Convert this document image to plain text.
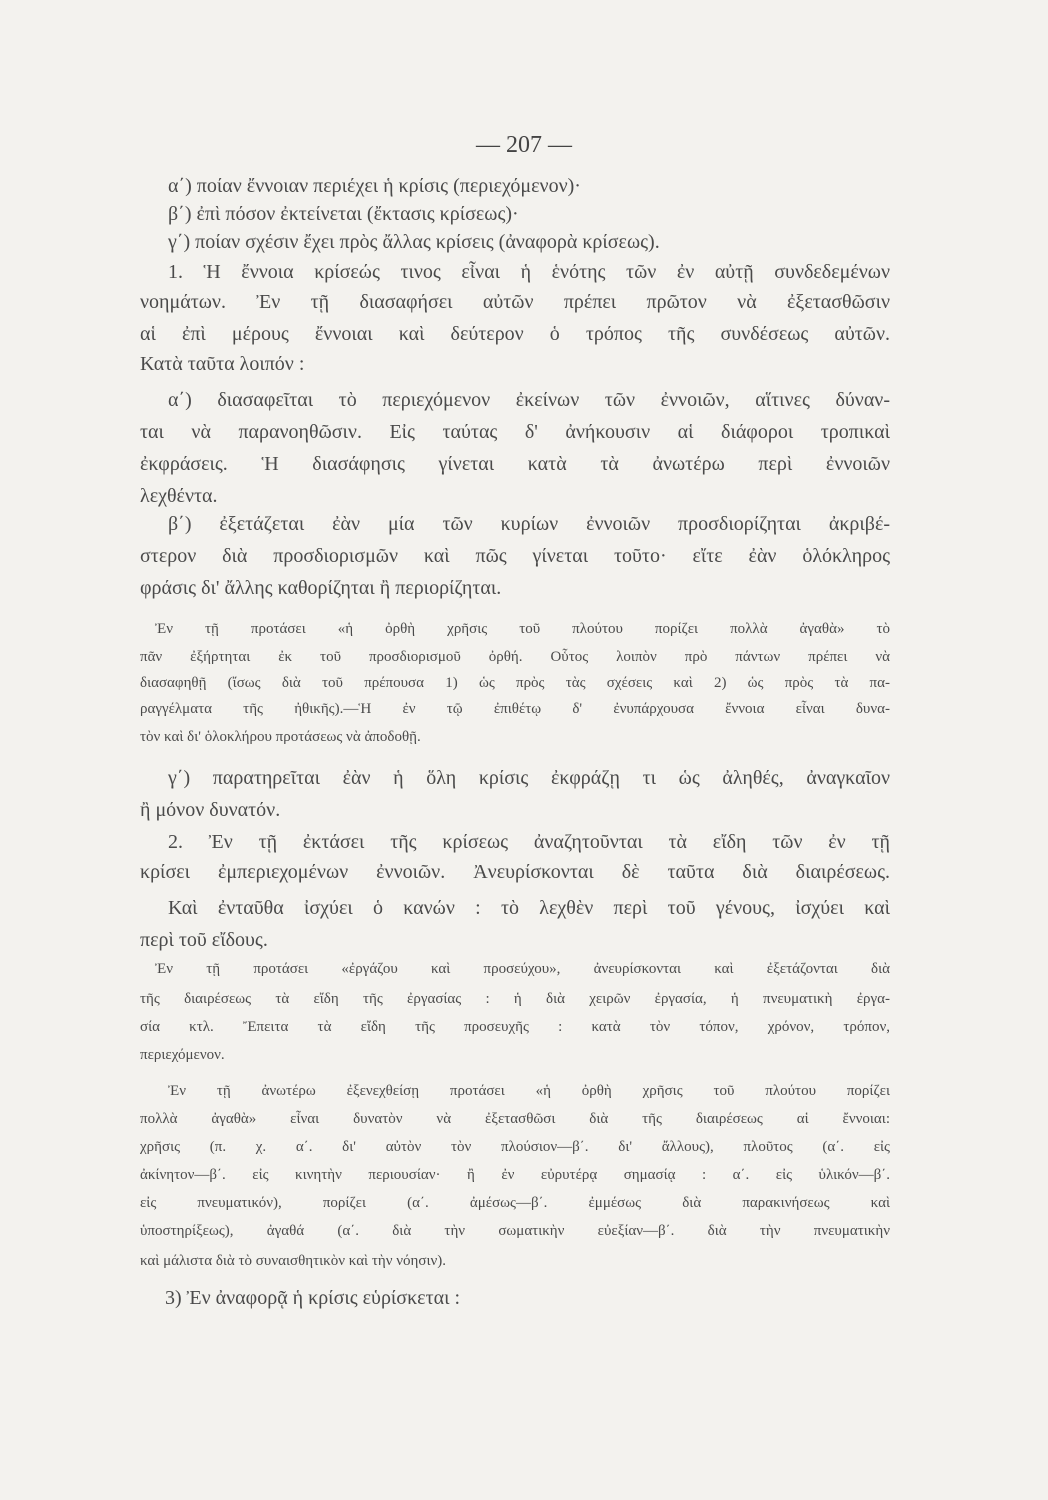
— 207 —
α΄) ποίαν ἔννοιαν περιέχει ἡ κρίσις (περιεχόμενον)·
β΄) ἐπὶ πόσον ἐκτείνεται (ἔκτασις κρίσεως)·
γ΄) ποίαν σχέσιν ἔχει πρὸς ἄλλας κρίσεις (ἀναφορὰ κρίσεως).
1. Ἡ ἔννοια κρίσεώς τινος εἶναι ἡ ἑνότης τῶν ἐν αὐτῇ συνδεδεμένων
νοημάτων. Ἐν τῇ διασαφήσει αὐτῶν πρέπει πρῶτον νὰ ἐξετασθῶσιν
αἱ ἐπὶ μέρους ἔννοιαι καὶ δεύτερον ὁ τρόπος τῆς συνδέσεως αὐτῶν.
Κατὰ ταῦτα λοιπόν :
α΄) διασαφεῖται τὸ περιεχόμενον ἐκείνων τῶν ἐννοιῶν, αἵτινες δύναν-
ται νὰ παρανοηθῶσιν. Εἰς ταύτας δ' ἀνήκουσιν αἱ διάφοροι τροπικαὶ
ἐκφράσεις. Ἡ διασάφησις γίνεται κατὰ τὰ ἀνωτέρω περὶ ἐννοιῶν
λεχθέντα.
β΄) ἐξετάζεται ἐὰν μία τῶν κυρίων ἐννοιῶν προσδιορίζηται ἀκριβέ-
στερον διὰ προσδιορισμῶν καὶ πῶς γίνεται τοῦτο· εἴτε ἐὰν ὁλόκληρος
φράσις δι' ἄλλης καθορίζηται ἢ περιορίζηται.
Ἐν τῇ προτάσει «ἡ ὀρθὴ χρῆσις τοῦ πλούτου πορίζει πολλὰ ἀγαθὰ» τὸ
πᾶν ἐξήρτηται ἐκ τοῦ προσδιορισμοῦ ὀρθή. Οὗτος λοιπὸν πρὸ πάντων πρέπει νὰ
διασαφηθῇ (ἴσως διὰ τοῦ πρέπουσα 1) ὡς πρὸς τὰς σχέσεις καὶ 2) ὡς πρὸς τὰ πα-
ραγγέλματα τῆς ἠθικῆς).—Ἡ ἐν τῷ ἐπιθέτῳ δ' ἐνυπάρχουσα ἔννοια εἶναι δυνα-
τὸν καὶ δι' ὁλοκλήρου προτάσεως νὰ ἀποδοθῇ.
γ΄) παρατηρεῖται ἐὰν ἡ ὅλη κρίσις ἐκφράζῃ τι ὡς ἀληθές, ἀναγκαῖον
ἢ μόνον δυνατόν.
2. Ἐν τῇ ἐκτάσει τῆς κρίσεως ἀναζητοῦνται τὰ εἴδη τῶν ἐν τῇ
κρίσει ἐμπεριεχομένων ἐννοιῶν. Ἀνευρίσκονται δὲ ταῦτα διὰ διαιρέσεως.
Καὶ ἐνταῦθα ἰσχύει ὁ κανών : τὸ λεχθὲν περὶ τοῦ γένους, ἰσχύει καὶ
περὶ τοῦ εἴδους.
Ἐν τῇ προτάσει «ἐργάζου καὶ προσεύχου», ἀνευρίσκονται καὶ ἐξετάζονται διὰ
τῆς διαιρέσεως τὰ εἴδη τῆς ἐργασίας : ἡ διὰ χειρῶν ἐργασία, ἡ πνευματικὴ ἐργα-
σία κτλ. Ἔπειτα τὰ εἴδη τῆς προσευχῆς : κατὰ τὸν τόπον, χρόνον, τρόπον,
περιεχόμενον.
Ἐν τῇ ἀνωτέρω ἐξενεχθείσῃ προτάσει «ἡ ὀρθὴ χρῆσις τοῦ πλούτου πορίζει
πολλὰ ἀγαθὰ» εἶναι δυνατὸν νὰ ἐξετασθῶσι διὰ τῆς διαιρέσεως αἱ ἔννοιαι:
χρῆσις (π. χ. α΄. δι' αὐτὸν τὸν πλούσιον—β΄. δι' ἄλλους), πλοῦτος (α΄. εἰς
ἀκίνητον—β΄. εἰς κινητὴν περιουσίαν· ἢ ἐν εὐρυτέρᾳ σημασίᾳ : α΄. εἰς ὑλικόν—β΄.
εἰς πνευματικόν), πορίζει (α΄. ἀμέσως—β΄. ἐμμέσως διὰ παρακινήσεως καὶ
ὑποστηρίξεως), ἀγαθά (α΄. διὰ τὴν σωματικὴν εὐεξίαν—β΄. διὰ τὴν πνευματικὴν
καὶ μάλιστα διὰ τὸ συναισθητικὸν καὶ τὴν νόησιν).
3) Ἐν ἀναφορᾷ ἡ κρίσις εὑρίσκεται :
